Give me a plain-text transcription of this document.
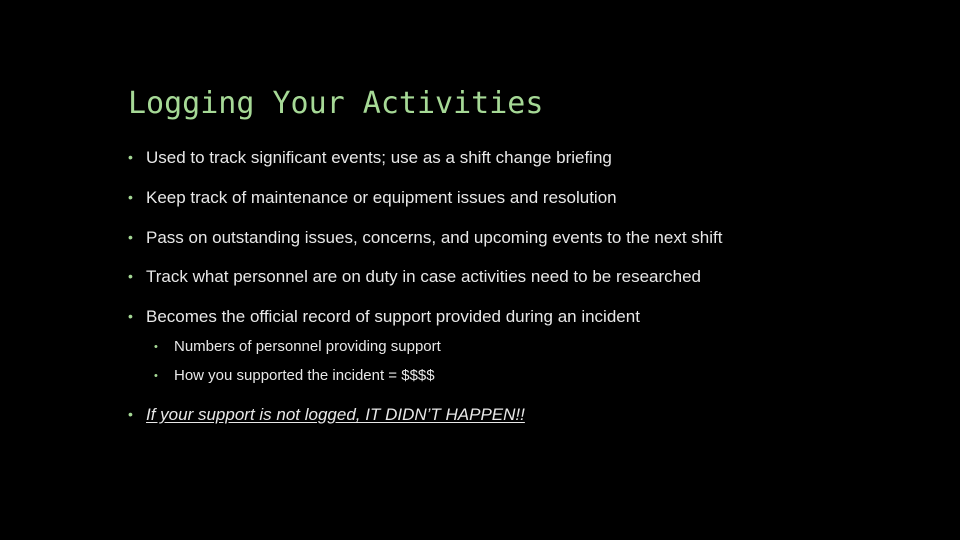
Logging Your Activities
• Used to track significant events; use as a shift change briefing
• Keep track of maintenance or equipment issues and resolution
• Pass on outstanding issues, concerns, and upcoming events to the next shift
• Track what personnel are on duty in case activities need to be researched
• Becomes the official record of support provided during an incident
• Numbers of personnel providing support
• How you supported the incident = $$$$
• If your support is not logged, IT DIDN’T HAPPEN!!
